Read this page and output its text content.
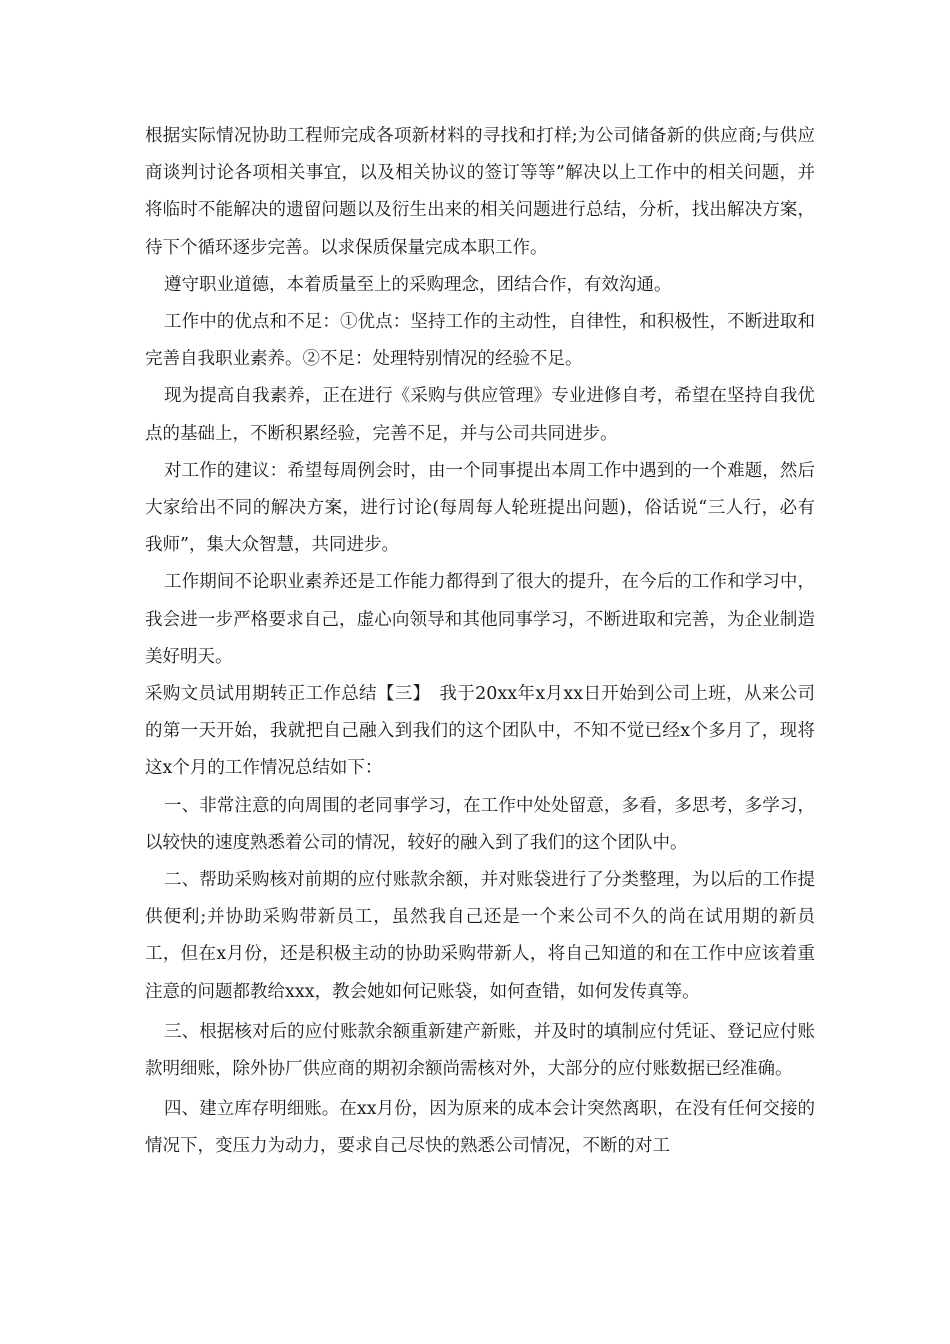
根据实际情况协助工程师完成各项新材料的寻找和打样;为公司储备新的供应商;与供应商谈判讨论各项相关事宜，以及相关协议的签订等等”解决以上工作中的相关问题，并将临时不能解决的遗留问题以及衍生出来的相关问题进行总结，分析，找出解决方案，待下个循环逐步完善。以求保质保量完成本职工作。

遵守职业道德，本着质量至上的采购理念，团结合作，有效沟通。

工作中的优点和不足：①优点：坚持工作的主动性，自律性，和积极性，不断进取和完善自我职业素养。②不足：处理特别情况的经验不足。

现为提高自我素养，正在进行《采购与供应管理》专业进修自考，希望在坚持自我优点的基础上，不断积累经验，完善不足，并与公司共同进步。

对工作的建议：希望每周例会时，由一个同事提出本周工作中遇到的一个难题，然后大家给出不同的解决方案，进行讨论(每周每人轮班提出问题)，俗话说“三人行，必有我师”，集大众智慧，共同进步。

工作期间不论职业素养还是工作能力都得到了很大的提升，在今后的工作和学习中，我会进一步严格要求自己，虚心向领导和其他同事学习，不断进取和完善，为企业制造美好明天。

采购文员试用期转正工作总结【三】　我于20xx年x月xx日开始到公司上班，从来公司的第一天开始，我就把自己融入到我们的这个团队中，不知不觉已经x个多月了，现将这x个月的工作情况总结如下：

一、非常注意的向周围的老同事学习，在工作中处处留意，多看，多思考，多学习，以较快的速度熟悉着公司的情况，较好的融入到了我们的这个团队中。

二、帮助采购核对前期的应付账款余额，并对账袋进行了分类整理，为以后的工作提供便利;并协助采购带新员工，虽然我自己还是一个来公司不久的尚在试用期的新员工，但在x月份，还是积极主动的协助采购带新人，将自己知道的和在工作中应该着重注意的问题都教给xxx，教会她如何记账袋，如何查错，如何发传真等。

三、根据核对后的应付账款余额重新建产新账，并及时的填制应付凭证、登记应付账款明细账，除外协厂供应商的期初余额尚需核对外，大部分的应付账数据已经准确。

四、建立库存明细账。在xx月份，因为原来的成本会计突然离职，在没有任何交接的情况下，变压力为动力，要求自己尽快的熟悉公司情况，不断的对工
